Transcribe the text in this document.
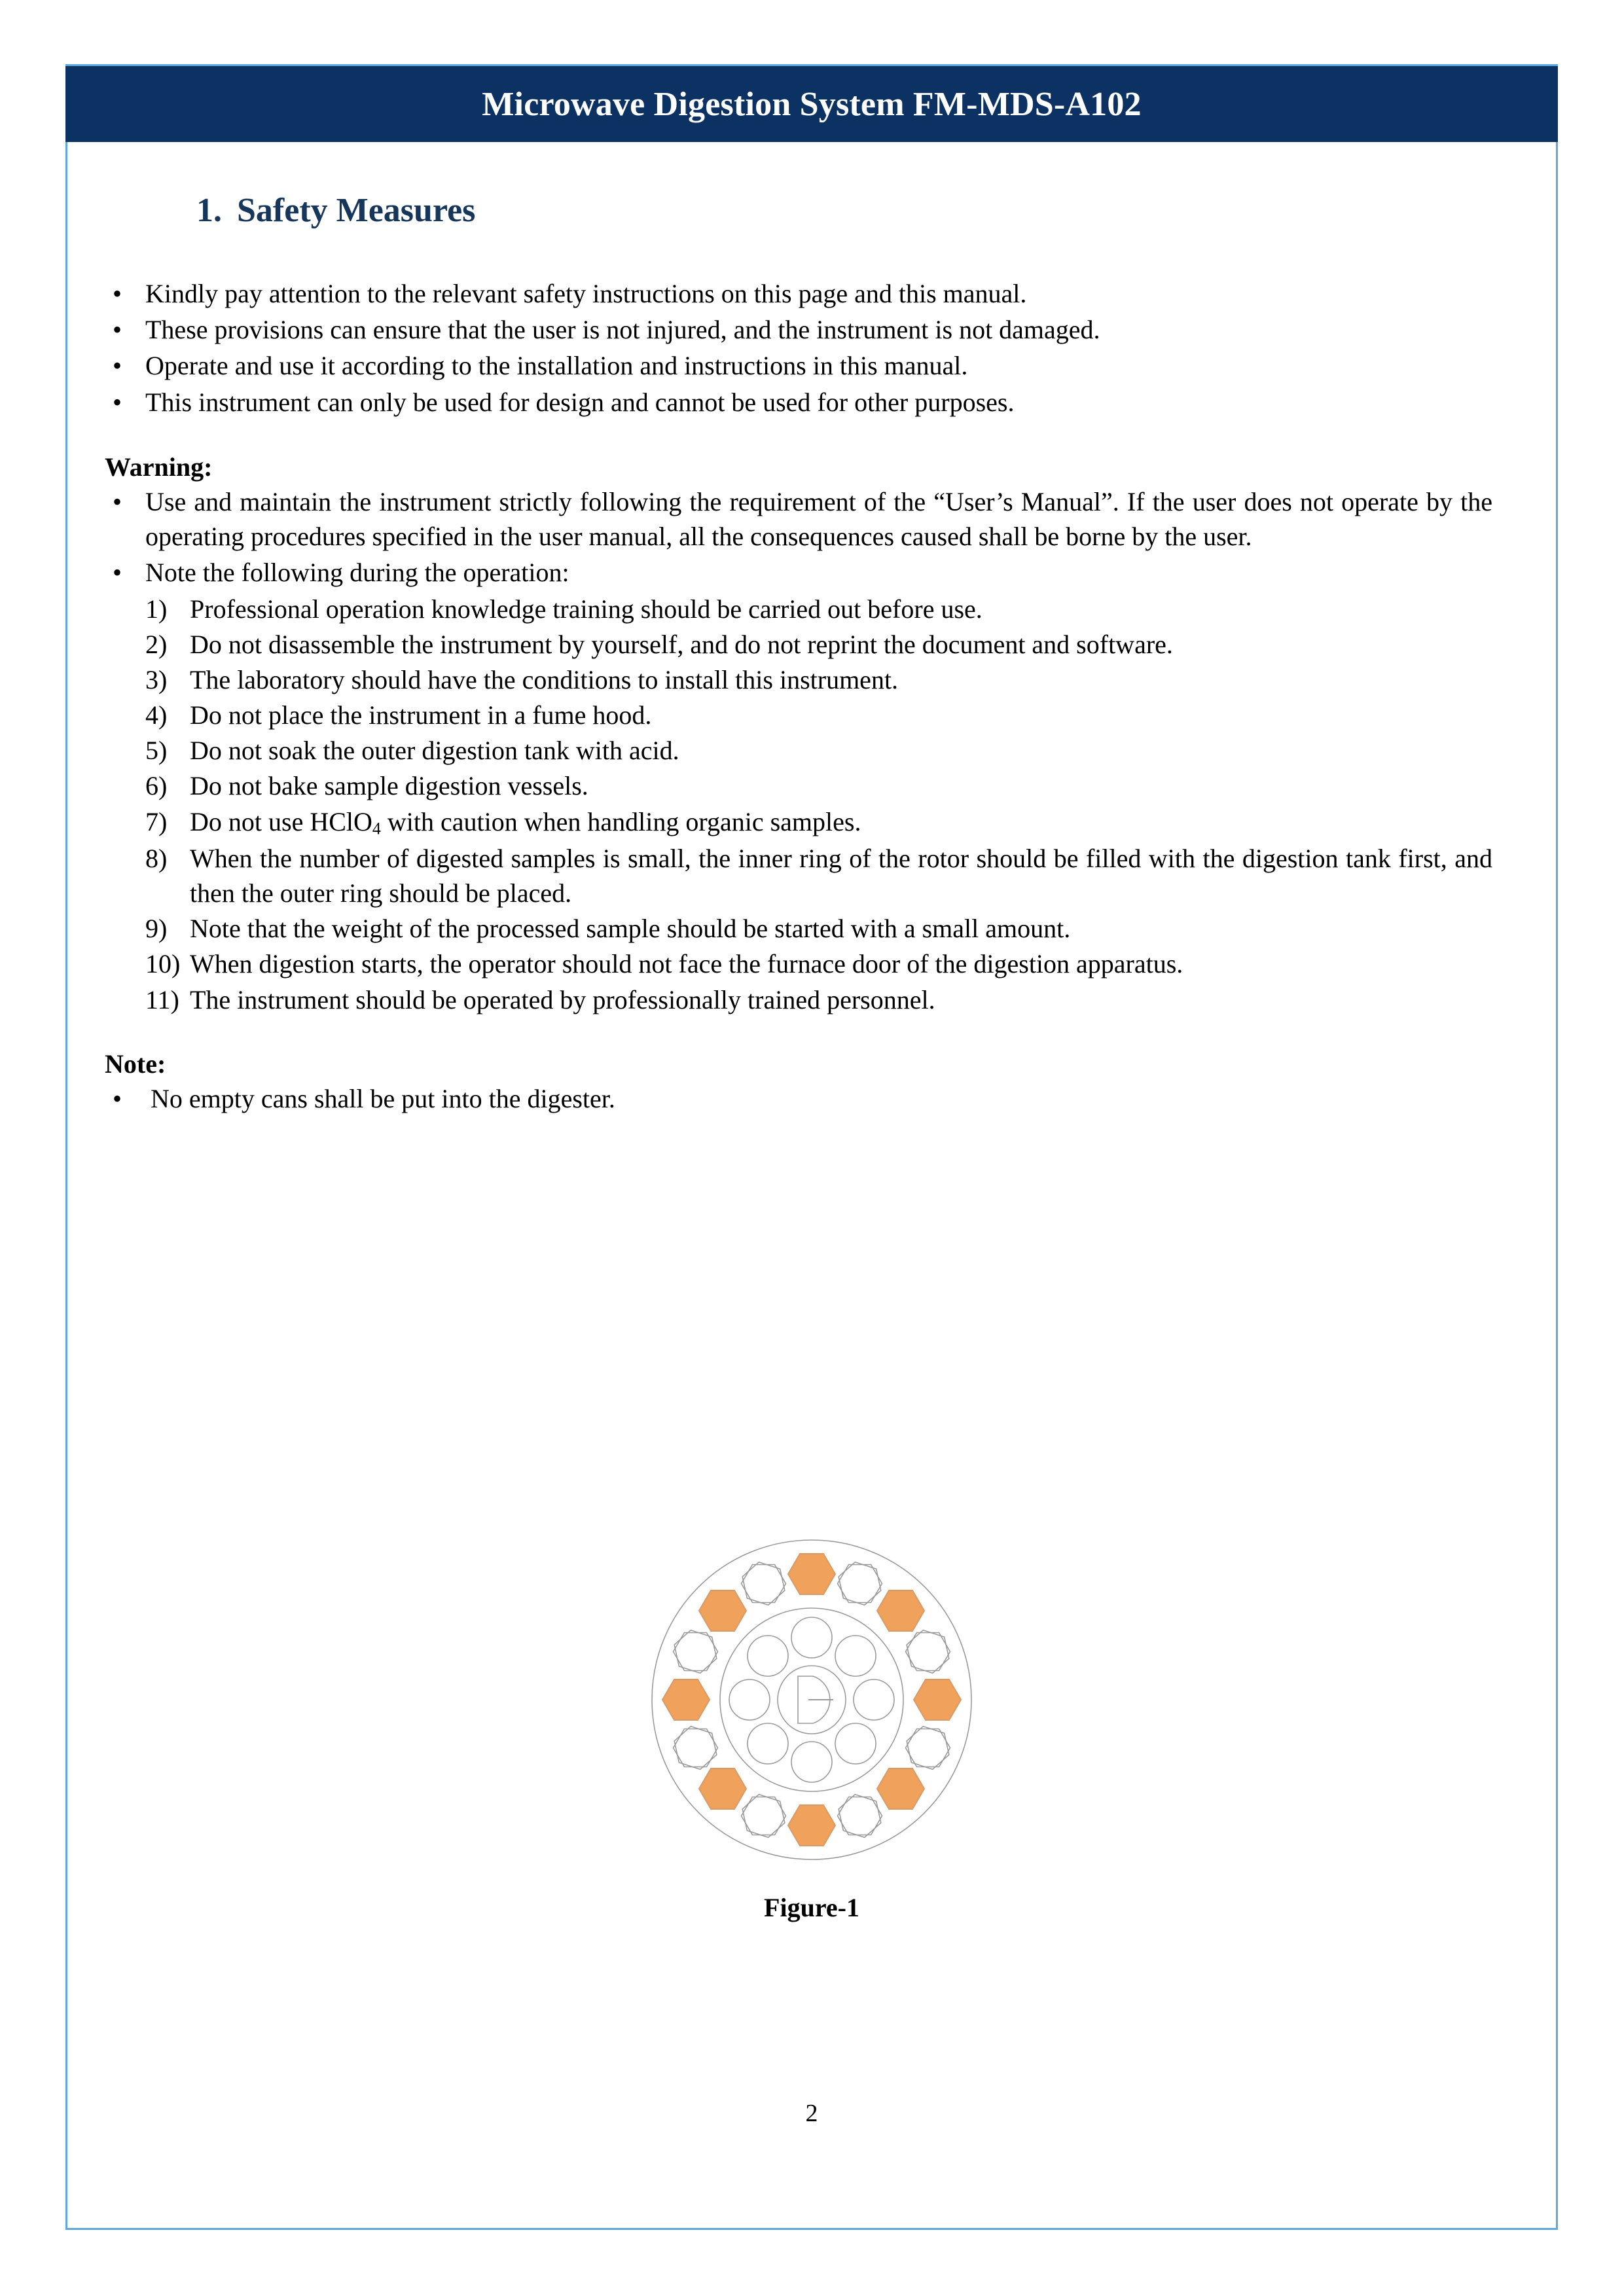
Microwave Digestion System FM-MDS-A102
1. Safety Measures
• Kindly pay attention to the relevant safety instructions on this page and this manual.
• These provisions can ensure that the user is not injured, and the instrument is not damaged.
• Operate and use it according to the installation and instructions in this manual.
• This instrument can only be used for design and cannot be used for other purposes.
Warning:
• Use and maintain the instrument strictly following the requirement of the “User’s Manual”. If the user does not operate by the operating procedures specified in the user manual, all the consequences caused shall be borne by the user.
• Note the following during the operation:
1) Professional operation knowledge training should be carried out before use.
2) Do not disassemble the instrument by yourself, and do not reprint the document and software.
3) The laboratory should have the conditions to install this instrument.
4) Do not place the instrument in a fume hood.
5) Do not soak the outer digestion tank with acid.
6) Do not bake sample digestion vessels.
7) Do not use HClO$_4$ with caution when handling organic samples.
8) When the number of digested samples is small, the inner ring of the rotor should be filled with the digestion tank first, and then the outer ring should be placed.
9) Note that the weight of the processed sample should be started with a small amount.
10) When digestion starts, the operator should not face the furnace door of the digestion apparatus.
11) The instrument should be operated by professionally trained personnel.
Note:
• No empty cans shall be put into the digester.
Figure-1
2
